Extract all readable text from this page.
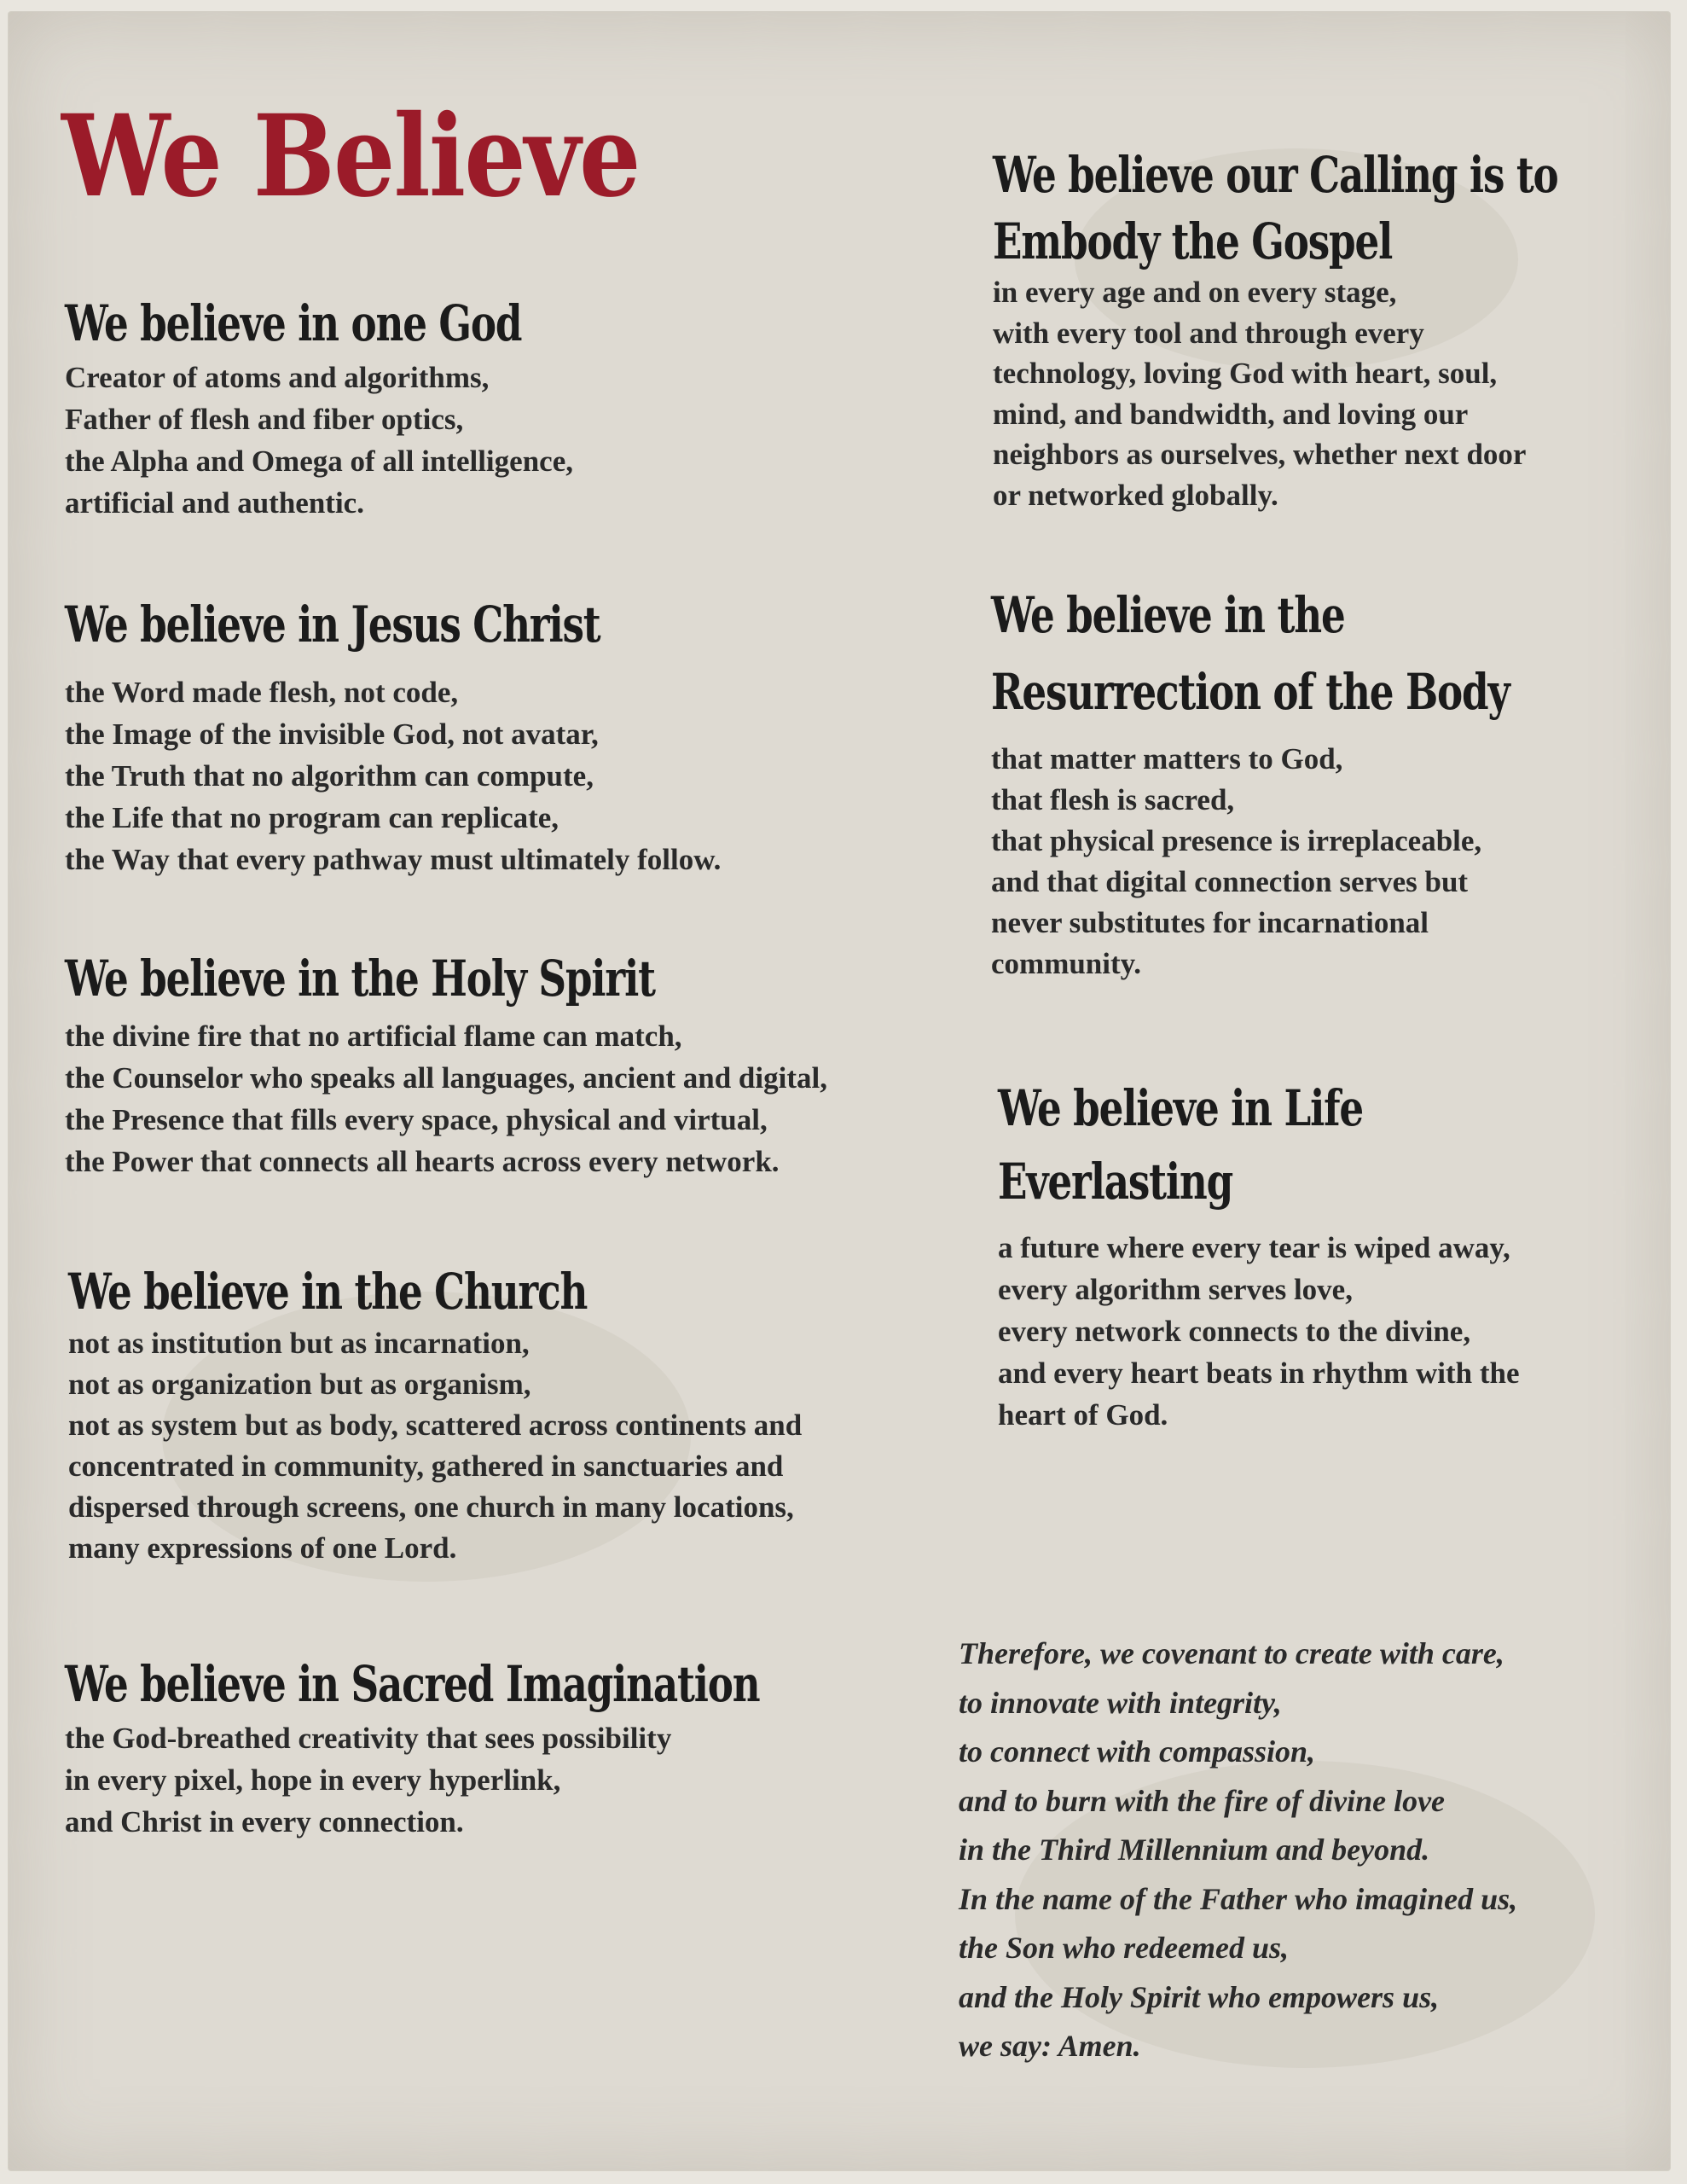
We Believe
We believe in one God
Creator of atoms and algorithms,
Father of flesh and fiber optics,
the Alpha and Omega of all intelligence,
artificial and authentic.
We believe in Jesus Christ
the Word made flesh, not code,
the Image of the invisible God, not avatar,
the Truth that no algorithm can compute,
the Life that no program can replicate,
the Way that every pathway must ultimately follow.
We believe in the Holy Spirit
the divine fire that no artificial flame can match,
the Counselor who speaks all languages, ancient and digital,
the Presence that fills every space, physical and virtual,
the Power that connects all hearts across every network.
We believe in the Church
not as institution but as incarnation,
not as organization but as organism,
not as system but as body, scattered across continents and
concentrated in community, gathered in sanctuaries and
dispersed through screens, one church in many locations,
many expressions of one Lord.
We believe in Sacred Imagination
the God-breathed creativity that sees possibility
in every pixel, hope in every hyperlink,
and Christ in every connection.
We believe our Calling is to
Embody the Gospel
in every age and on every stage,
with every tool and through every
technology, loving God with heart, soul,
mind, and bandwidth, and loving our
neighbors as ourselves, whether next door
or networked globally.
We believe in the
Resurrection of the Body
that matter matters to God,
that flesh is sacred,
that physical presence is irreplaceable,
and that digital connection serves but
never substitutes for incarnational
community.
We believe in Life
Everlasting
a future where every tear is wiped away,
every algorithm serves love,
every network connects to the divine,
and every heart beats in rhythm with the
heart of God.
Therefore, we covenant to create with care,
to innovate with integrity,
to connect with compassion,
and to burn with the fire of divine love
in the Third Millennium and beyond.
In the name of the Father who imagined us,
the Son who redeemed us,
and the Holy Spirit who empowers us,
we say: Amen.
